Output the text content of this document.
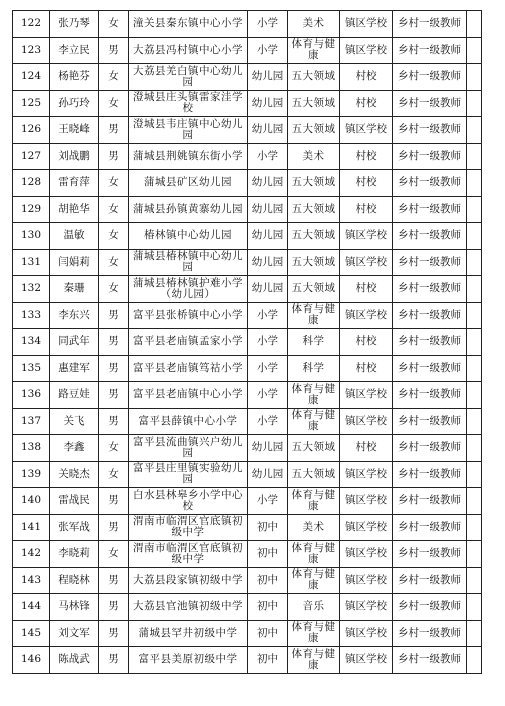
122	张乃琴	女	潼关县秦东镇中心小学	小学	美术	镇区学校	乡村一级教师	
123	李立民	男	大荔县冯村镇中心小学	小学	体育与健康	镇区学校	乡村一级教师	
124	杨艳芬	女	大荔县羌白镇中心幼儿园	幼儿园	五大领域	村校	乡村一级教师	
125	孙巧玲	女	澄城县庄头镇雷家洼学校	幼儿园	五大领域	村校	乡村一级教师	
126	王晓峰	男	澄城县韦庄镇中心幼儿园	幼儿园	五大领域	镇区学校	乡村一级教师	
127	刘战鹏	男	蒲城县荆姚镇东街小学	小学	美术	村校	乡村一级教师	
128	雷育萍	女	蒲城县矿区幼儿园	幼儿园	五大领域	村校	乡村一级教师	
129	胡艳华	女	蒲城县孙镇黄寨幼儿园	幼儿园	五大领域	村校	乡村一级教师	
130	温敏	女	椿林镇中心幼儿园	幼儿园	五大领域	镇区学校	乡村一级教师	
131	闫娟莉	女	蒲城县椿林镇中心幼儿园	幼儿园	五大领域	镇区学校	乡村一级教师	
132	秦珊	女	蒲城县椿林镇护难小学（幼儿园）	幼儿园	五大领域	村校	乡村一级教师	
133	李东兴	男	富平县张桥镇中心小学	小学	体育与健康	镇区学校	乡村一级教师	
134	同武年	男	富平县老庙镇孟家小学	小学	科学	村校	乡村一级教师	
135	惠建军	男	富平县老庙镇笃祜小学	小学	科学	村校	乡村一级教师	
136	路豆娃	男	富平县老庙镇中心小学	小学	体育与健康	镇区学校	乡村一级教师	
137	关飞	男	富平县薛镇中心小学	小学	体育与健康	镇区学校	乡村一级教师	
138	李鑫	女	富平县流曲镇兴户幼儿园	幼儿园	五大领域	村校	乡村一级教师	
139	关晓杰	女	富平县庄里镇实验幼儿园	幼儿园	五大领域	镇区学校	乡村一级教师	
140	雷战民	男	白水县林皋乡小学中心校	小学	体育与健康	镇区学校	乡村一级教师	
141	张军战	男	渭南市临渭区官底镇初级中学	初中	美术	镇区学校	乡村一级教师	
142	李晓莉	女	渭南市临渭区官底镇初级中学	初中	体育与健康	镇区学校	乡村一级教师	
143	程晓林	男	大荔县段家镇初级中学	初中	体育与健康	镇区学校	乡村一级教师	
144	马林锋	男	大荔县官池镇初级中学	初中	音乐	镇区学校	乡村一级教师	
145	刘文军	男	蒲城县罕井初级中学	初中	体育与健康	镇区学校	乡村一级教师	
146	陈战武	男	富平县美原初级中学	初中	体育与健康	镇区学校	乡村一级教师	
